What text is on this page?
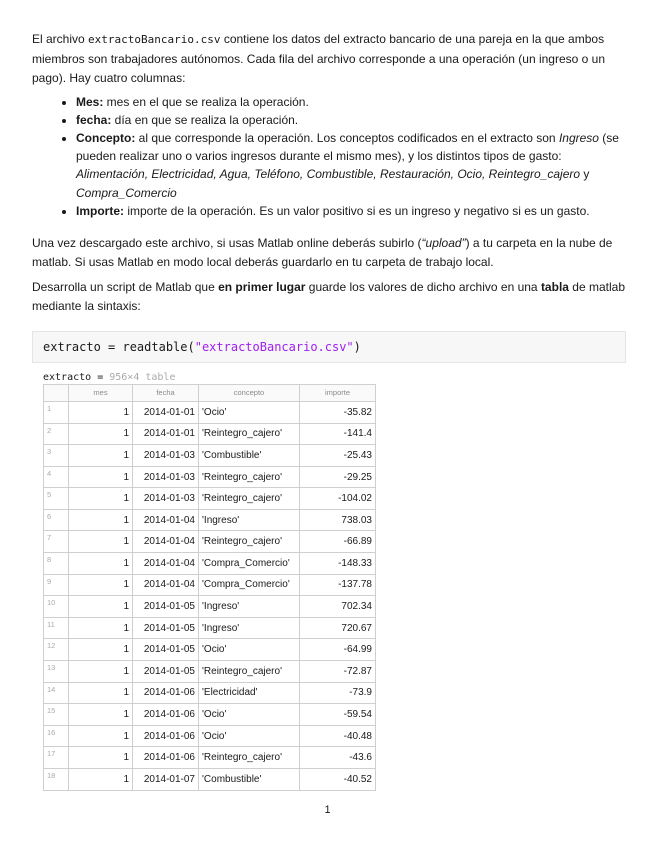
El archivo extractoBancario.csv contiene los datos del extracto bancario de una pareja en la que ambos miembros son trabajadores autónomos. Cada fila del archivo corresponde a una operación (un ingreso o un pago). Hay cuatro columnas:

• Mes: mes en el que se realiza la operación.
• fecha: día en que se realiza la operación.
• Concepto: al que corresponde la operación. Los conceptos codificados en el extracto son Ingreso (se pueden realizar uno o varios ingresos durante el mismo mes), y los distintos tipos de gasto: Alimentación, Electricidad, Agua, Teléfono, Combustible, Restauración, Ocio, Reintegro_cajero y Compra_Comercio
• Importe: importe de la operación. Es un valor positivo si es un ingreso y negativo si es un gasto.

Una vez descargado este archivo, si usas Matlab online deberás subirlo (“upload”) a tu carpeta en la nube de matlab. Si usas Matlab en modo local deberás guardarlo en tu carpeta de trabajo local.

Desarrolla un script de Matlab que en primer lugar guarde los valores de dicho archivo en una tabla de matlab mediante la sintaxis:

extracto = readtable("extractoBancario.csv")
extracto = 956×4 table
	mes	fecha	concepto	importe
1	1	2014-01-01	'Ocio'	-35.82
2	1	2014-01-01	'Reintegro_cajero'	-141.4
3	1	2014-01-03	'Combustible'	-25.43
4	1	2014-01-03	'Reintegro_cajero'	-29.25
5	1	2014-01-03	'Reintegro_cajero'	-104.02
6	1	2014-01-04	'Ingreso'	738.03
7	1	2014-01-04	'Reintegro_cajero'	-66.89
8	1	2014-01-04	'Compra_Comercio'	-148.33
9	1	2014-01-04	'Compra_Comercio'	-137.78
10	1	2014-01-05	'Ingreso'	702.34
11	1	2014-01-05	'Ingreso'	720.67
12	1	2014-01-05	'Ocio'	-64.99
13	1	2014-01-05	'Reintegro_cajero'	-72.87
14	1	2014-01-06	'Electricidad'	-73.9
15	1	2014-01-06	'Ocio'	-59.54
16	1	2014-01-06	'Ocio'	-40.48
17	1	2014-01-06	'Reintegro_cajero'	-43.6
18	1	2014-01-07	'Combustible'	-40.52
1
